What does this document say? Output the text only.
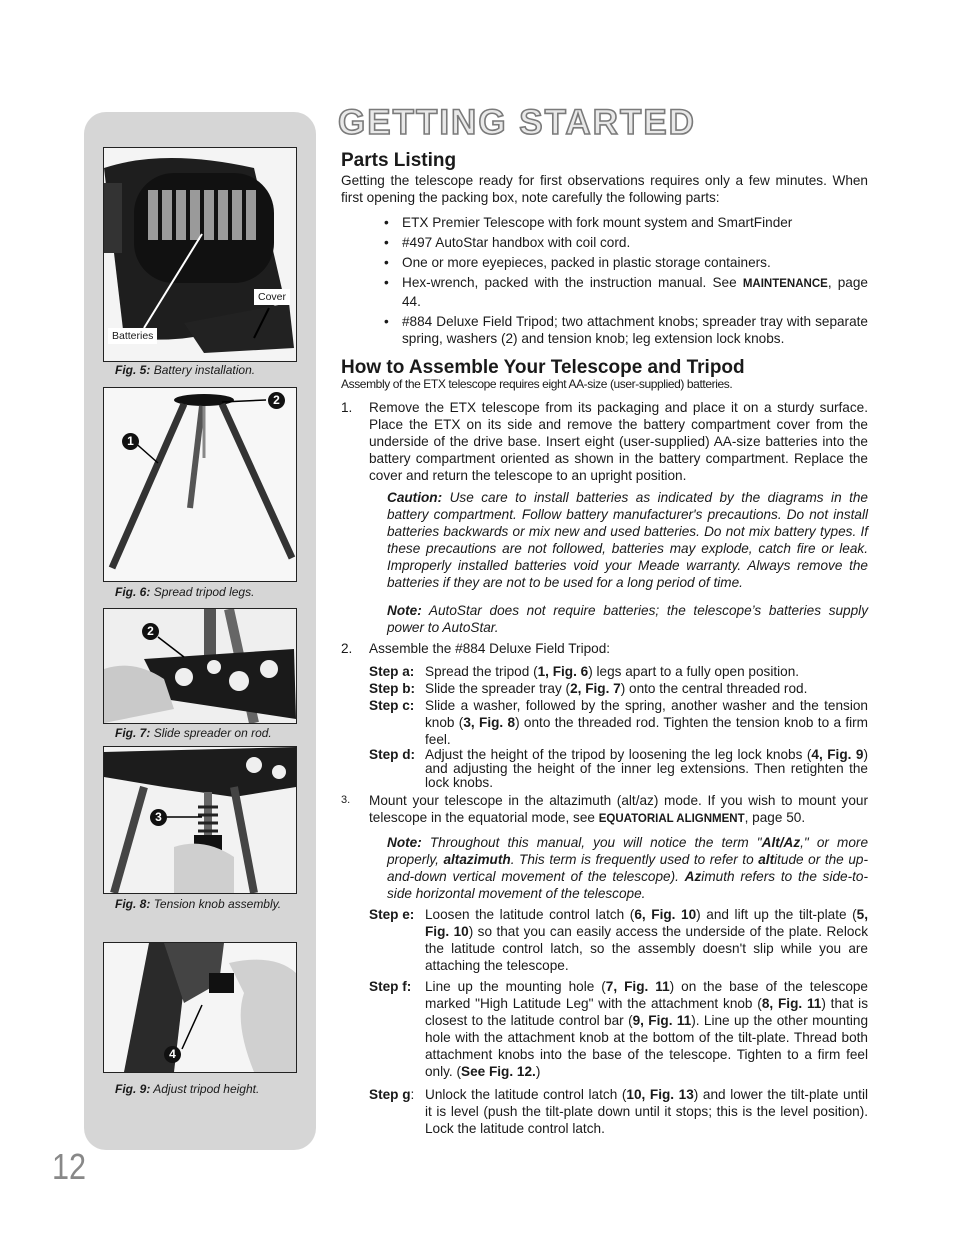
Cover
Batteries
Fig. 5: Battery installation.
1
2
Fig. 6: Spread tripod legs.
2
Fig. 7: Slide spreader on rod.
3
Fig. 8: Tension knob assembly.
4
Fig. 9: Adjust tripod height.
12
GETTING STARTED
Parts Listing

Getting the telescope ready for first observations requires only a few minutes. When first opening the packing box, note carefully the following parts:

• ETX Premier Telescope with fork mount system and SmartFinder
• #497 AutoStar handbox with coil cord.
• One or more eyepieces, packed in plastic storage containers.
• Hex-wrench, packed with the instruction manual. See MAINTENANCE, page 44.
• #884 Deluxe Field Tripod; two attachment knobs; spreader tray with separate spring, washers (2) and tension knob; leg extension lock knobs.
How to Assemble Your Telescope and Tripod

Assembly of the ETX telescope requires eight AA-size (user-supplied) batteries.

1. Remove the ETX telescope from its packaging and place it on a sturdy surface. Place the ETX on its side and remove the battery compartment cover from the underside of the drive base. Insert eight (user-supplied) AA-size batteries into the battery compartment oriented as shown in the battery compartment. Replace the cover and return the telescope to an upright position.

Caution: Use care to install batteries as indicated by the diagrams in the battery compartment. Follow battery manufacturer's precautions. Do not install batteries backwards or mix new and used batteries. Do not mix battery types. If these precautions are not followed, batteries may explode, catch fire or leak. Improperly installed batteries void your Meade warranty. Always remove the batteries if they are not to be used for a long period of time.

Note: AutoStar does not require batteries; the telescope’s batteries supply power to AutoStar.

2. Assemble the #884 Deluxe Field Tripod:
Step a: Spread the tripod (1, Fig. 6) legs apart to a fully open position.
Step b: Slide the spreader tray (2, Fig. 7) onto the central threaded rod.
Step c: Slide a washer, followed by the spring, another washer and the tension knob (3, Fig. 8) onto the threaded rod. Tighten the tension knob to a firm feel.
Step d: Adjust the height of the tripod by loosening the leg lock knobs (4, Fig. 9) and adjusting the height of the inner leg extensions. Then retighten the lock knobs.
3. Mount your telescope in the altazimuth (alt/az) mode. If you wish to mount your telescope in the equatorial mode, see EQUATORIAL ALIGNMENT, page 50.

Note: Throughout this manual, you will notice the term "Alt/Az," or more properly, altazimuth. This term is frequently used to refer to altitude or the up-and-down vertical movement of the telescope). Azimuth refers to the side-to-side horizontal movement of the telescope.

Step e: Loosen the latitude control latch (6, Fig. 10) and lift up the tilt-plate (5, Fig. 10) so that you can easily access the underside of the plate. Relock the latitude control latch, so the assembly doesn't slip while you are attaching the telescope.
Step f:	Line up the mounting hole (7, Fig. 11) on the base of the telescope marked "High Latitude Leg" with the attachment knob (8, Fig. 11) that is closest to the latitude control bar (9, Fig. 11). Line up the other mounting hole with the attachment knob at the bottom of the tilt-plate. Thread both attachment knobs into the base of the telescope. Tighten to a firm feel only. (See Fig. 12.)
Step g: Unlock the latitude control latch (10, Fig. 13) and lower the tilt-plate until it is level (push the tilt-plate down until it stops; this is the level position). Lock the latitude control latch.
